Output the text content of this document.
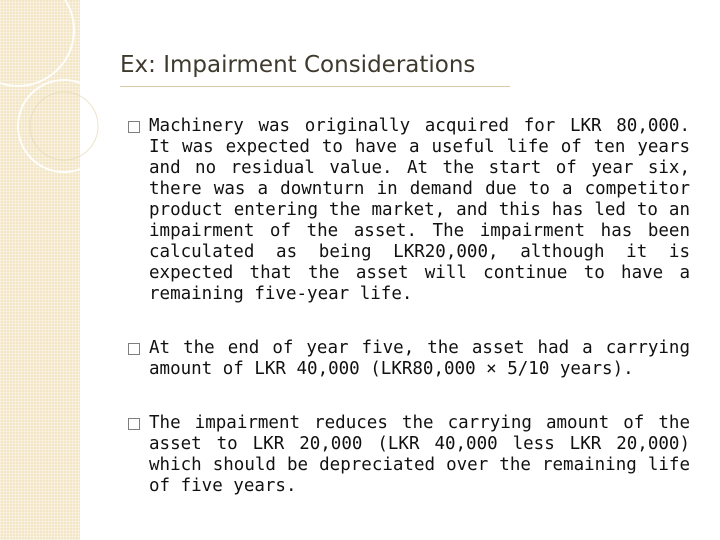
Ex: Impairment Considerations
Machinery was originally acquired for LKR 80,000. It was expected to have a useful life of ten years and no residual value. At the start of year six, there was a downturn in demand due to a competitor product entering the market, and this has led to an impairment of the asset. The impairment has been calculated as being LKR20,000, although it is expected that the asset will continue to have a remaining five-year life.
At the end of year five, the asset had a carrying amount of LKR 40,000 (LKR80,000 × 5/10 years).
The impairment reduces the carrying amount of the asset to LKR 20,000 (LKR 40,000 less LKR 20,000) which should be depreciated over the remaining life of five years.
